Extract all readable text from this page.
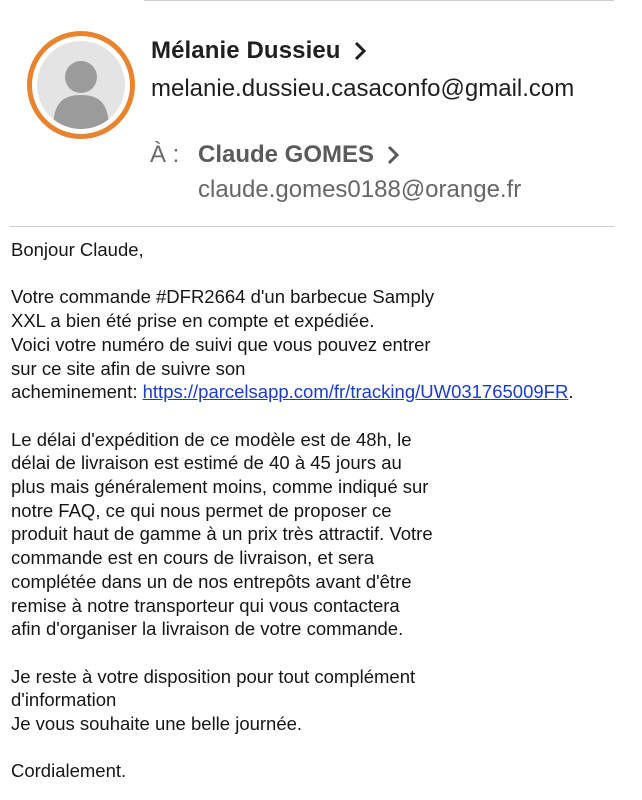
Mélanie Dussieu
melanie.dussieu.casaconfo@gmail.com
À : Claude GOMES
claude.gomes0188@orange.fr

Bonjour Claude,

Votre commande #DFR2664 d'un barbecue Samply
XXL a bien été prise en compte et expédiée.
Voici votre numéro de suivi que vous pouvez entrer
sur ce site afin de suivre son
acheminement: https://parcelsapp.com/fr/tracking/UW031765009FR.

Le délai d'expédition de ce modèle est de 48h, le
délai de livraison est estimé de 40 à 45 jours au
plus mais généralement moins, comme indiqué sur
notre FAQ, ce qui nous permet de proposer ce
produit haut de gamme à un prix très attractif. Votre
commande est en cours de livraison, et sera
complétée dans un de nos entrepôts avant d'être
remise à notre transporteur qui vous contactera
afin d'organiser la livraison de votre commande.

Je reste à votre disposition pour tout complément
d'information
Je vous souhaite une belle journée.

Cordialement.
